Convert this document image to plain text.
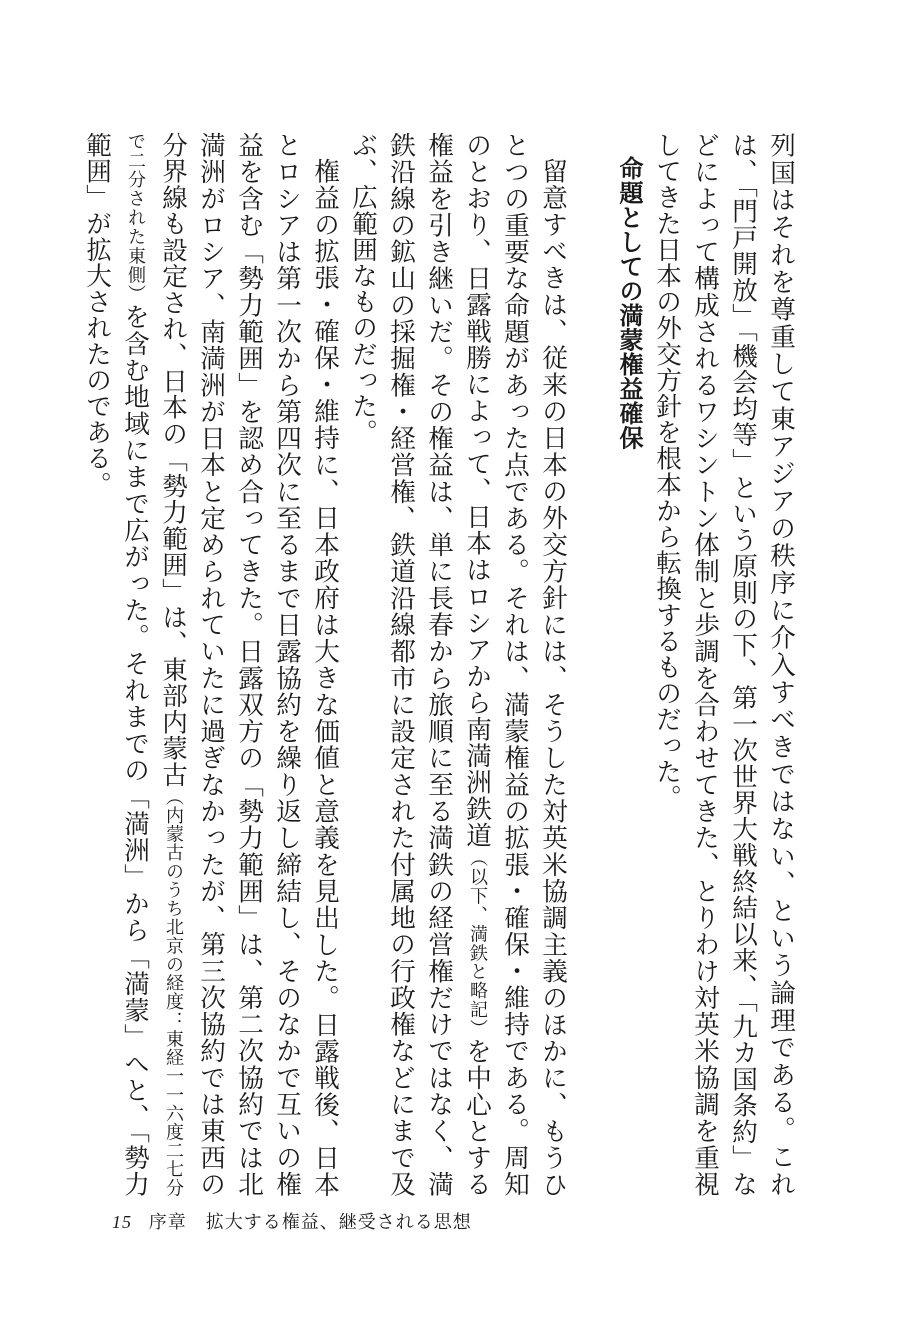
列国はそれを尊重して東アジアの秩序に介入すべきではない、という論理である。これは、「門戸開放」「機会均等」という原則の下、第一次世界大戦終結以来、「九カ国条約」などによって構成されるワシントン体制と歩調を合わせてきた、とりわけ対英米協調を重視してきた日本の外交方針を根本から転換するものだった。

命題としての満蒙権益確保

留意すべきは、従来の日本の外交方針には、そうした対英米協調主義のほかに、もうひとつの重要な命題があった点である。それは、満蒙権益の拡張・確保・維持である。周知のとおり、日露戦勝によって、日本はロシアから南満洲鉄道（以下、満鉄と略記）を中心とする権益を引き継いだ。その権益は、単に長春から旅順に至る満鉄の経営権だけではなく、満鉄沿線の鉱山の採掘権・経営権、鉄道沿線都市に設定された付属地の行政権などにまで及ぶ、広範囲なものだった。

権益の拡張・確保・維持に、日本政府は大きな価値と意義を見出した。日露戦後、日本とロシアは第一次から第四次に至るまで日露協約を繰り返し締結し、そのなかで互いの権益を含む「勢力範囲」を認め合ってきた。日露双方の「勢力範囲」は、第二次協約では北満洲がロシア、南満洲が日本と定められていたに過ぎなかったが、第三次協約では東西の分界線も設定され、日本の「勢力範囲」は、東部内蒙古（内蒙古のうち北京の経度：東経一一六度二七分で二分された東側）を含む地域にまで広がった。それまでの「満洲」から「満蒙」へと、「勢力範囲」が拡大されたのである。

15 序章　拡大する権益、継受される思想
